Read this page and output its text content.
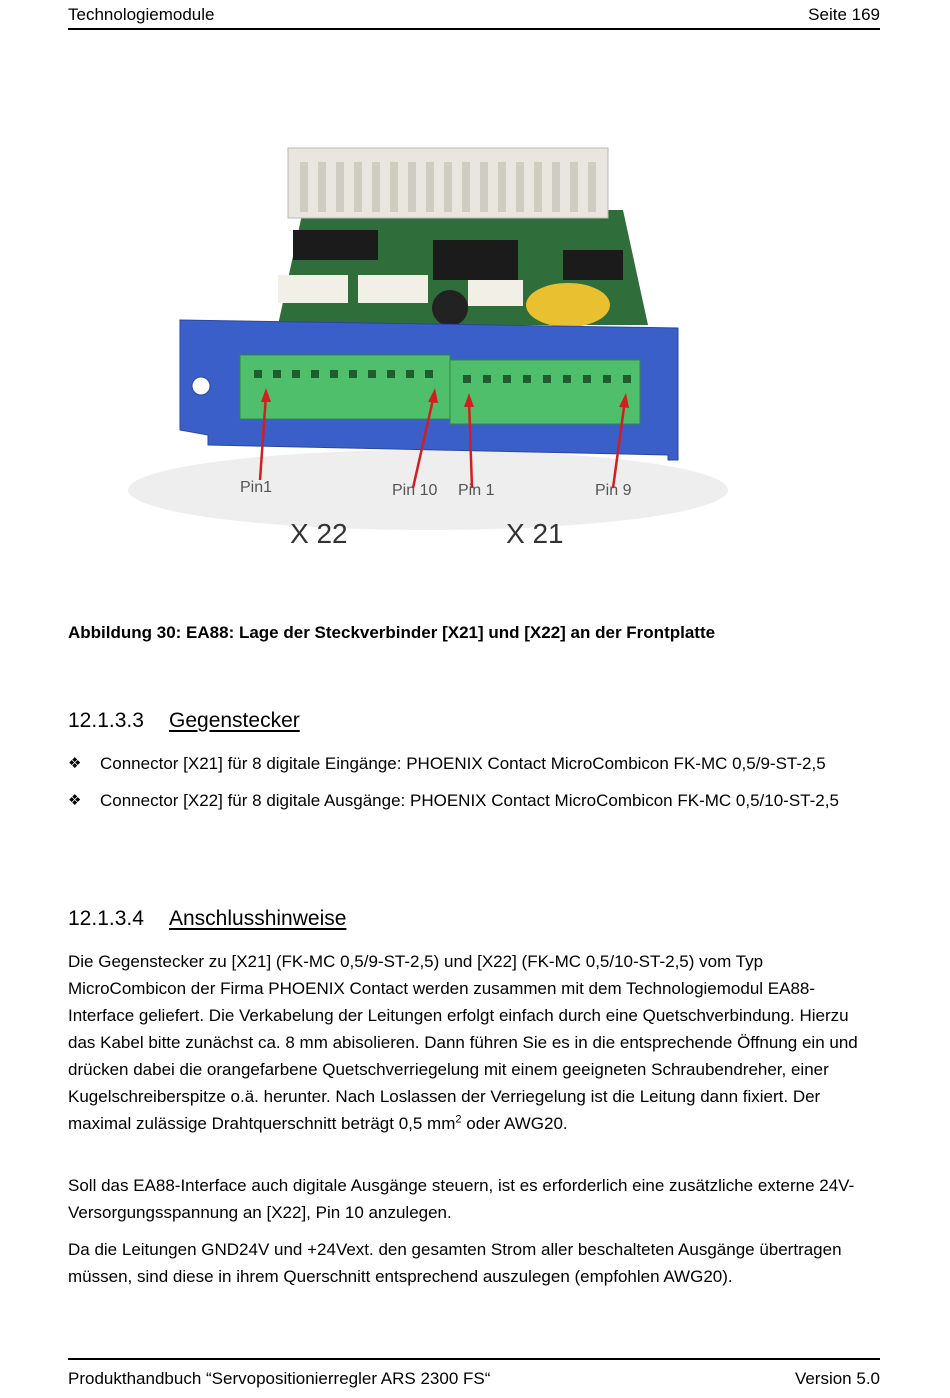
Technologiemodule	Seite 169
Pin1	Pin 10 Pin 1	Pin 9
X 22	X 21
Abbildung 30: EA88: Lage der Steckverbinder [X21] und [X22] an der Frontplatte
12.1.3.3 Gegenstecker
❖	Connector [X21] für 8 digitale Eingänge: PHOENIX Contact MicroCombicon FK-MC 0,5/9-ST-2,5
❖	Connector [X22] für 8 digitale Ausgänge: PHOENIX Contact MicroCombicon FK-MC 0,5/10-ST-2,5
12.1.3.4 Anschlusshinweise
Die Gegenstecker zu [X21] (FK-MC 0,5/9-ST-2,5) und [X22] (FK-MC 0,5/10-ST-2,5) vom Typ MicroCombicon der Firma PHOENIX Contact werden zusammen mit dem Technologiemodul EA88-Interface geliefert. Die Verkabelung der Leitungen erfolgt einfach durch eine Quetschverbindung. Hierzu das Kabel bitte zunächst ca. 8 mm abisolieren. Dann führen Sie es in die entsprechende Öffnung ein und drücken dabei die orangefarbene Quetschverriegelung mit einem geeigneten Schraubendreher, einer Kugelschreiberspitze o.ä. herunter. Nach Loslassen der Verriegelung ist die Leitung dann fixiert. Der maximal zulässige Drahtquerschnitt beträgt 0,5 $mm^2$ oder AWG20.
Soll das EA88-Interface auch digitale Ausgänge steuern, ist es erforderlich eine zusätzliche externe 24V-Versorgungsspannung an [X22], Pin 10 anzulegen.
Da die Leitungen GND24V und +24Vext. den gesamten Strom aller beschalteten Ausgänge übertragen müssen, sind diese in ihrem Querschnitt entsprechend auszulegen (empfohlen AWG20).
Produkthandbuch “Servopositionierregler ARS 2300 FS“	Version 5.0
